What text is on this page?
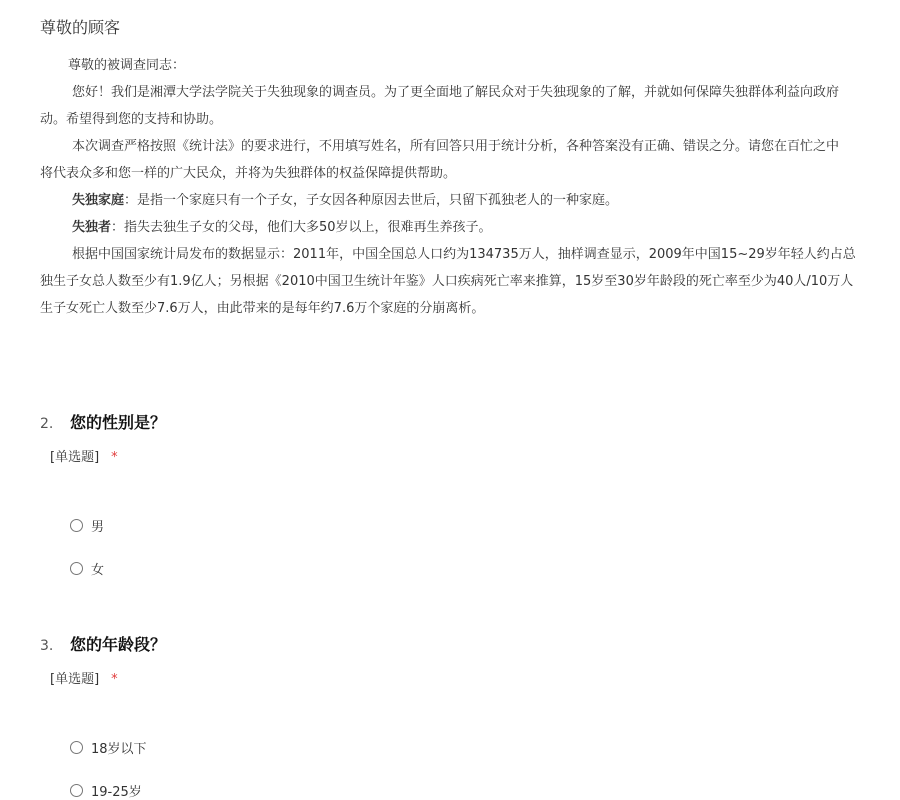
尊敬的顾客
尊敬的被调查同志：
您好！我们是湘潭大学法学院关于失独现象的调查员。为了更全面地了解民众对于失独现象的了解，并就如何保障失独群体利益向政府
动。希望得到您的支持和协助。
本次调查严格按照《统计法》的要求进行，不用填写姓名，所有回答只用于统计分析，各种答案没有正确、错误之分。请您在百忙之中
将代表众多和您一样的广大民众，并将为失独群体的权益保障提供帮助。
失独家庭：是指一个家庭只有一个子女，子女因各种原因去世后，只留下孤独老人的一种家庭。
失独者：指失去独生子女的父母，他们大多50岁以上，很难再生养孩子。
根据中国国家统计局发布的数据显示：2011年，中国全国总人口约为134735万人，抽样调查显示，2009年中国15~29岁年轻人约占总
独生子女总人数至少有1.9亿人；另根据《2010中国卫生统计年鉴》人口疾病死亡率来推算，15岁至30岁年龄段的死亡率至少为40人/10万人
生子女死亡人数至少7.6万人，由此带来的是每年约7.6万个家庭的分崩离析。
2.	您的性别是？
[单选题] *
男
女
3.	您的年龄段？
[单选题] *
18岁以下
19-25岁
